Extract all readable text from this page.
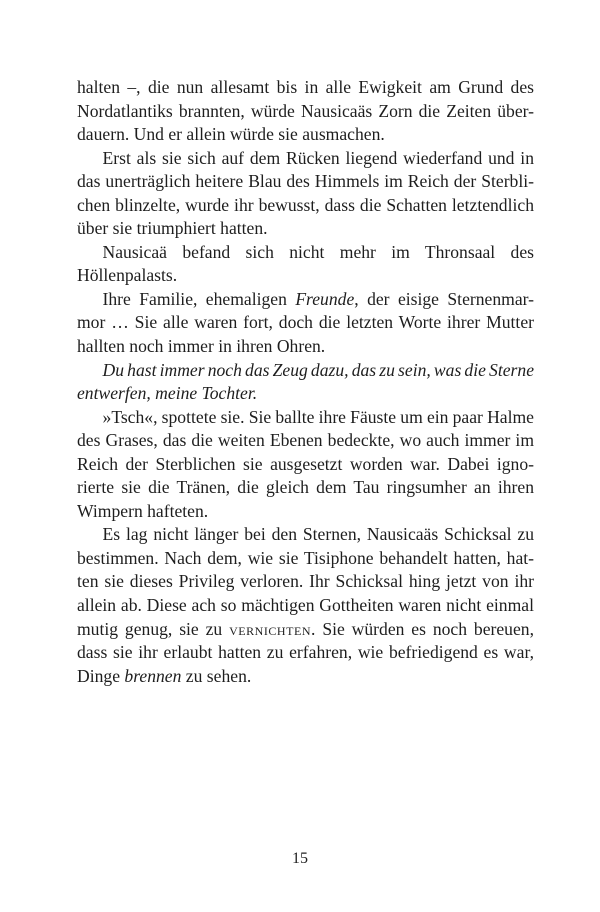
halten –, die nun allesamt bis in alle Ewigkeit am Grund des
Nordatlantiks brannten, würde Nausicaäs Zorn die Zeiten über-
dauern. Und er allein würde sie ausmachen.

Erst als sie sich auf dem Rücken liegend wiederfand und in
das unerträglich heitere Blau des Himmels im Reich der Sterbli-
chen blinzelte, wurde ihr bewusst, dass die Schatten letztendlich
über sie triumphiert hatten.

Nausicaä befand sich nicht mehr im Thronsaal des
Höllenpalasts.

Ihre Familie, ehemaligen Freunde, der eisige Sternenmar-
mor … Sie alle waren fort, doch die letzten Worte ihrer Mutter
hallten noch immer in ihren Ohren.

Du hast immer noch das Zeug dazu, das zu sein, was die Sterne
entwerfen, meine Tochter.

»Tsch«, spottete sie. Sie ballte ihre Fäuste um ein paar Halme
des Grases, das die weiten Ebenen bedeckte, wo auch immer im
Reich der Sterblichen sie ausgesetzt worden war. Dabei igno-
rierte sie die Tränen, die gleich dem Tau ringsumher an ihren
Wimpern hafteten.

Es lag nicht länger bei den Sternen, Nausicaäs Schicksal zu
bestimmen. Nach dem, wie sie Tisiphone behandelt hatten, hat-
ten sie dieses Privileg verloren. Ihr Schicksal hing jetzt von ihr
allein ab. Diese ach so mächtigen Gottheiten waren nicht einmal
mutig genug, sie zu vernichten. Sie würden es noch bereuen,
dass sie ihr erlaubt hatten zu erfahren, wie befriedigend es war,
Dinge brennen zu sehen.

15
